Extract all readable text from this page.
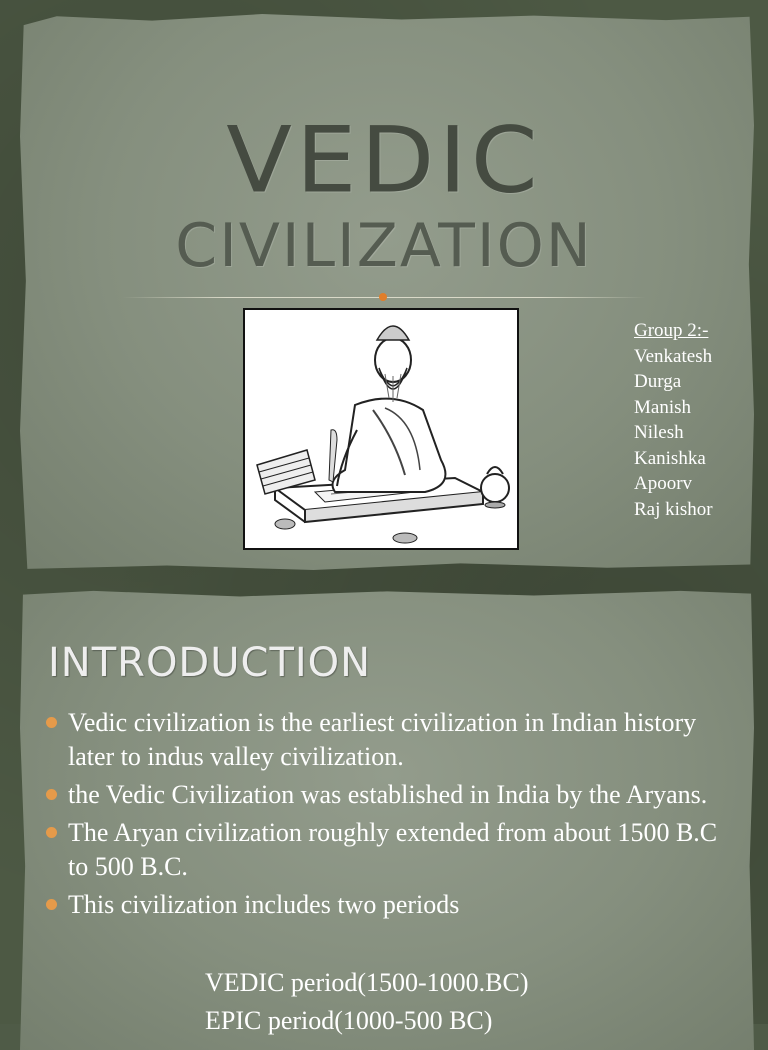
VEDIC
CIVILIZATION
Group 2:-
Venkatesh
Durga
Manish
Nilesh
Kanishka
Apoorv
Raj kishor
INTRODUCTION
Vedic civilization is the earliest civilization in Indian history later to indus valley civilization.
the Vedic Civilization was established in India by the Aryans.
The Aryan civilization roughly extended from about 1500 B.C to 500 B.C.
This civilization includes two periods
VEDIC period(1500-1000.BC)
EPIC period(1000-500 BC)
